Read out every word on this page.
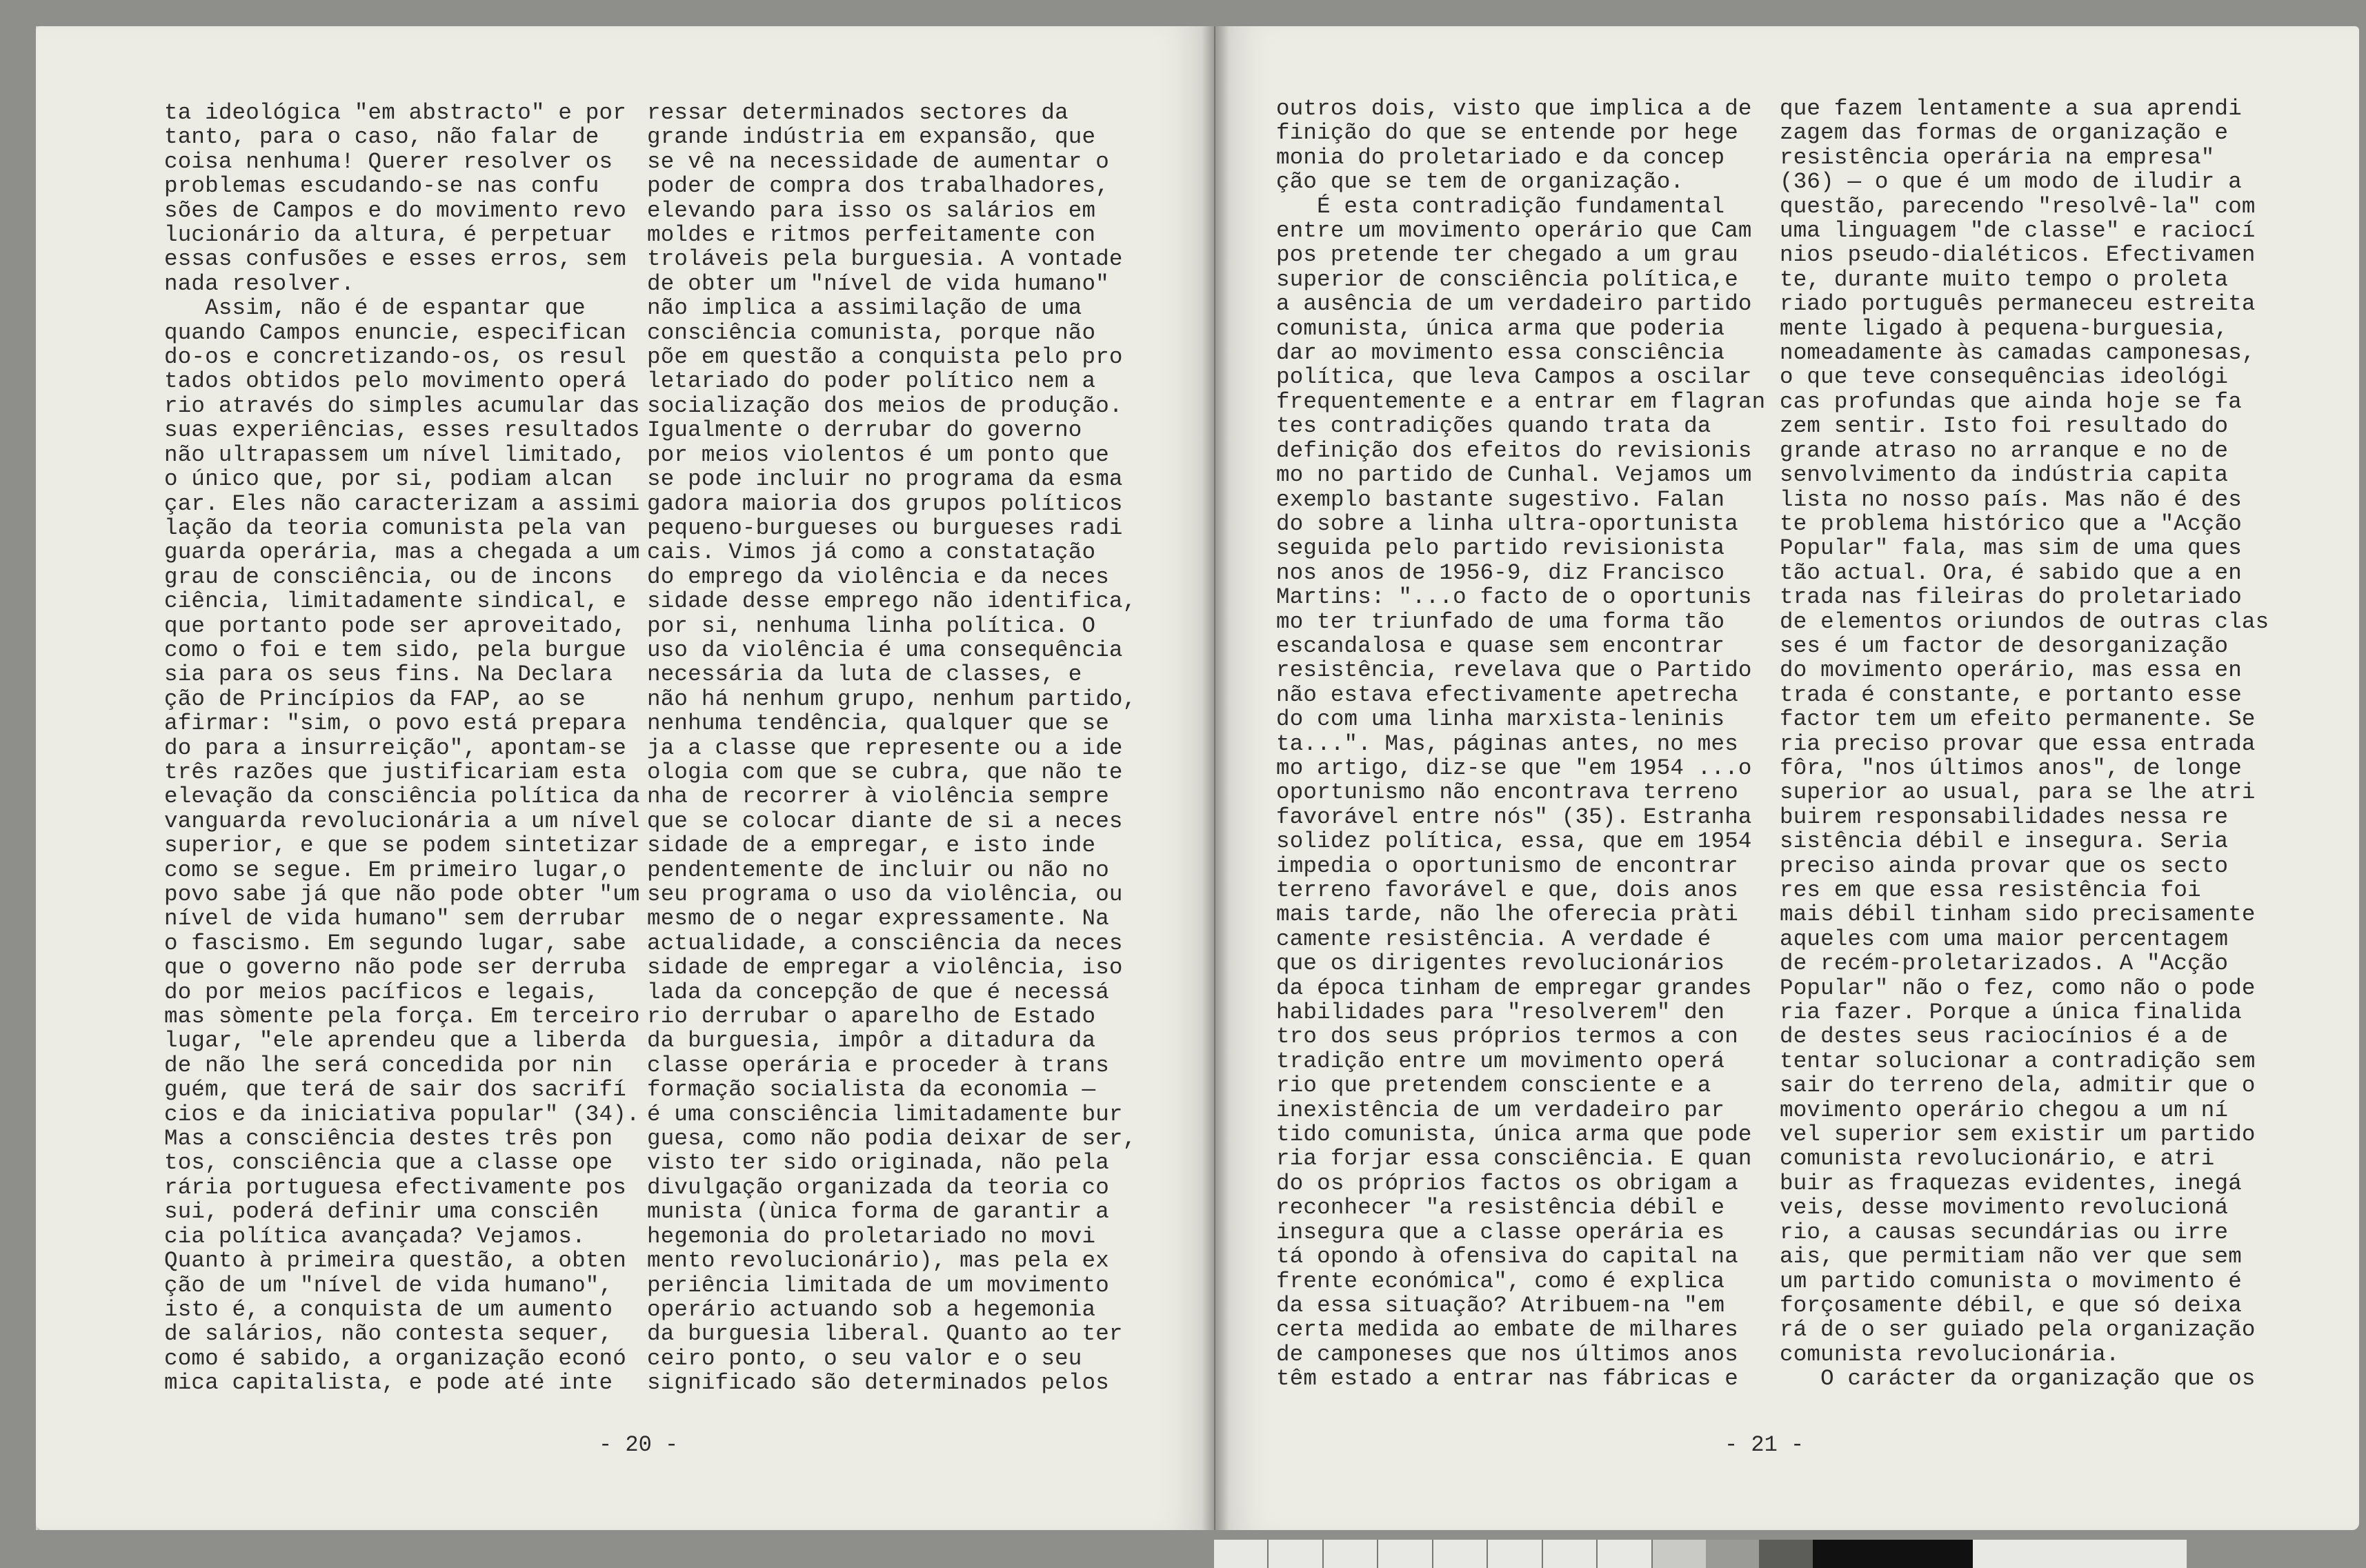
ta ideológica "em abstracto" e por

tanto, para o caso, não falar de

coisa nenhuma! Querer resolver os

problemas escudando-se nas confu

sões de Campos e do movimento revo

lucionário da altura, é perpetuar

essas confusões e esses erros, sem

nada resolver.

Assim, não é de espantar que

quando Campos enuncie, especifican

do-os e concretizando-os, os resul

tados obtidos pelo movimento operá

rio através do simples acumular das

suas experiências, esses resultados

não ultrapassem um nível limitado,

o único que, por si, podiam alcan

çar. Eles não caracterizam a assimi

lação da teoria comunista pela van

guarda operária, mas a chegada a um

grau de consciência, ou de incons

ciência, limitadamente sindical, e

que portanto pode ser aproveitado,

como o foi e tem sido, pela burgue

sia para os seus fins. Na Declara

ção de Princípios da FAP, ao se

afirmar: "sim, o povo está prepara

do para a insurreição", apontam-se

três razões que justificariam esta

elevação da consciência política da

vanguarda revolucionária a um nível

superior, e que se podem sintetizar

como se segue. Em primeiro lugar,o

povo sabe já que não pode obter "um

nível de vida humano" sem derrubar

o fascismo. Em segundo lugar, sabe

que o governo não pode ser derruba

do por meios pacíficos e legais,

mas sòmente pela força. Em terceiro

lugar, "ele aprendeu que a liberda

de não lhe será concedida por nin

guém, que terá de sair dos sacrifí

cios e da iniciativa popular" (34).

Mas a consciência destes três pon

tos, consciência que a classe ope

rária portuguesa efectivamente pos

sui, poderá definir uma consciên

cia política avançada? Vejamos.

Quanto à primeira questão, a obten

ção de um "nível de vida humano",

isto é, a conquista de um aumento

de salários, não contesta sequer,

como é sabido, a organização econó

mica capitalista, e pode até inte

ressar determinados sectores da

grande indústria em expansão, que

se vê na necessidade de aumentar o

poder de compra dos trabalhadores,

elevando para isso os salários em

moldes e ritmos perfeitamente con

troláveis pela burguesia. A vontade

de obter um "nível de vida humano"

não implica a assimilação de uma

consciência comunista, porque não

põe em questão a conquista pelo pro

letariado do poder político nem a

socialização dos meios de produção.

Igualmente o derrubar do governo

por meios violentos é um ponto que

se pode incluir no programa da esma

gadora maioria dos grupos políticos

pequeno-burgueses ou burgueses radi

cais. Vimos já como a constatação

do emprego da violência e da neces

sidade desse emprego não identifica,

por si, nenhuma linha política. O

uso da violência é uma consequência

necessária da luta de classes, e

não há nenhum grupo, nenhum partido,

nenhuma tendência, qualquer que se

ja a classe que represente ou a ide

ologia com que se cubra, que não te

nha de recorrer à violência sempre

que se colocar diante de si a neces

sidade de a empregar, e isto inde

pendentemente de incluir ou não no

seu programa o uso da violência, ou

mesmo de o negar expressamente. Na

actualidade, a consciência da neces

sidade de empregar a violência, iso

lada da concepção de que é necessá

rio derrubar o aparelho de Estado

da burguesia, impôr a ditadura da

classe operária e proceder à trans

formação socialista da economia —

é uma consciência limitadamente bur

guesa, como não podia deixar de ser,

visto ter sido originada, não pela

divulgação organizada da teoria co

munista (ùnica forma de garantir a

hegemonia do proletariado no movi

mento revolucionário), mas pela ex

periência limitada de um movimento

operário actuando sob a hegemonia

da burguesia liberal. Quanto ao ter

ceiro ponto, o seu valor e o seu

significado são determinados pelos

outros dois, visto que implica a de

finição do que se entende por hege

monia do proletariado e da concep

ção que se tem de organização.

É esta contradição fundamental

entre um movimento operário que Cam

pos pretende ter chegado a um grau

superior de consciência política,e

a ausência de um verdadeiro partido

comunista, única arma que poderia

dar ao movimento essa consciência

política, que leva Campos a oscilar

frequentemente e a entrar em flagran

tes contradições quando trata da

definição dos efeitos do revisionis

mo no partido de Cunhal. Vejamos um

exemplo bastante sugestivo. Falan

do sobre a linha ultra-oportunista

seguida pelo partido revisionista

nos anos de 1956-9, diz Francisco

Martins: "...o facto de o oportunis

mo ter triunfado de uma forma tão

escandalosa e quase sem encontrar

resistência, revelava que o Partido

não estava efectivamente apetrecha

do com uma linha marxista-leninis

ta...". Mas, páginas antes, no mes

mo artigo, diz-se que "em 1954 ...o

oportunismo não encontrava terreno

favorável entre nós" (35). Estranha

solidez política, essa, que em 1954

impedia o oportunismo de encontrar

terreno favorável e que, dois anos

mais tarde, não lhe oferecia pràti

camente resistência. A verdade é

que os dirigentes revolucionários

da época tinham de empregar grandes

habilidades para "resolverem" den

tro dos seus próprios termos a con

tradição entre um movimento operá

rio que pretendem consciente e a

inexistência de um verdadeiro par

tido comunista, única arma que pode

ria forjar essa consciência. E quan

do os próprios factos os obrigam a

reconhecer "a resistência débil e

insegura que a classe operária es

tá opondo à ofensiva do capital na

frente económica", como é explica

da essa situação? Atribuem-na "em

certa medida ao embate de milhares

de camponeses que nos últimos anos

têm estado a entrar nas fábricas e

que fazem lentamente a sua aprendi

zagem das formas de organização e

resistência operária na empresa"

(36) — o que é um modo de iludir a

questão, parecendo "resolvê-la" com

uma linguagem "de classe" e raciocí

nios pseudo-dialéticos. Efectivamen

te, durante muito tempo o proleta

riado português permaneceu estreita

mente ligado à pequena-burguesia,

nomeadamente às camadas camponesas,

o que teve consequências ideológi

cas profundas que ainda hoje se fa

zem sentir. Isto foi resultado do

grande atraso no arranque e no de

senvolvimento da indústria capita

lista no nosso país. Mas não é des

te problema histórico que a "Acção

Popular" fala, mas sim de uma ques

tão actual. Ora, é sabido que a en

trada nas fileiras do proletariado

de elementos oriundos de outras clas

ses é um factor de desorganização

do movimento operário, mas essa en

trada é constante, e portanto esse

factor tem um efeito permanente. Se

ria preciso provar que essa entrada

fôra, "nos últimos anos", de longe

superior ao usual, para se lhe atri

buirem responsabilidades nessa re

sistência débil e insegura. Seria

preciso ainda provar que os secto

res em que essa resistência foi

mais débil tinham sido precisamente

aqueles com uma maior percentagem

de recém-proletarizados. A "Acção

Popular" não o fez, como não o pode

ria fazer. Porque a única finalida

de destes seus raciocínios é a de

tentar solucionar a contradição sem

sair do terreno dela, admitir que o

movimento operário chegou a um ní

vel superior sem existir um partido

comunista revolucionário, e atri

buir as fraquezas evidentes, inegá

veis, desse movimento revolucioná

rio, a causas secundárias ou irre

ais, que permitiam não ver que sem

um partido comunista o movimento é

forçosamente débil, e que só deixa

rá de o ser guiado pela organização

comunista revolucionária.

O carácter da organização que os

- 20 -	- 21 -
